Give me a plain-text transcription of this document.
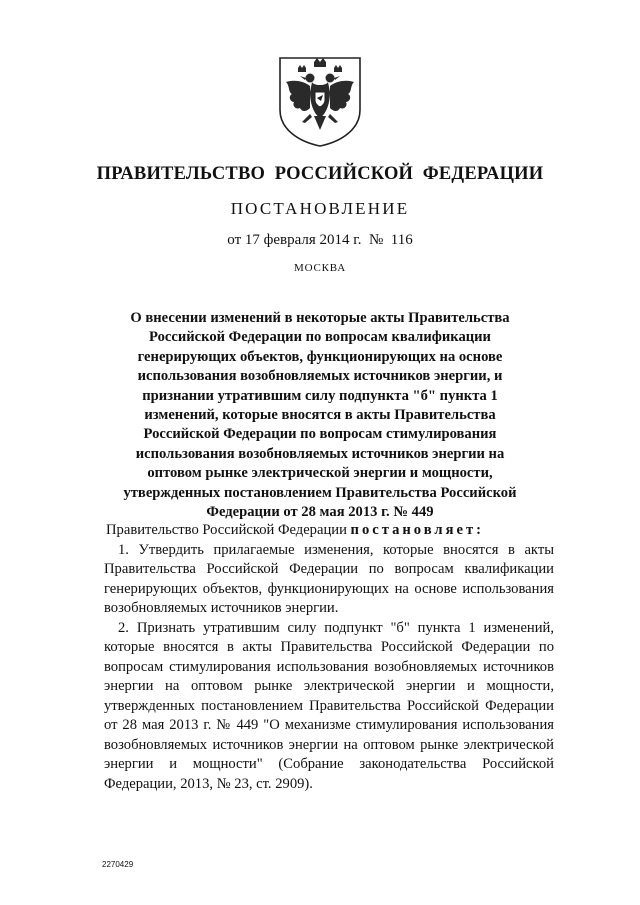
ПРАВИТЕЛЬСТВО  РОССИЙСКОЙ  ФЕДЕРАЦИИ
ПОСТАНОВЛЕНИЕ
от 17 февраля 2014 г. № 116
МОСКВА
О внесении изменений в некоторые акты Правительства Российской Федерации по вопросам квалификации генерирующих объектов, функционирующих на основе использования возобновляемых источников энергии, и признании утратившим силу подпункта "б" пункта 1 изменений, которые вносятся в акты Правительства Российской Федерации по вопросам стимулирования использования возобновляемых источников энергии на оптовом рынке электрической энергии и мощности, утвержденных постановлением Правительства Российской Федерации от 28 мая 2013 г. № 449

Правительство Российской Федерации постановляет:

1. Утвердить прилагаемые изменения, которые вносятся в акты Правительства Российской Федерации по вопросам квалификации генерирующих объектов, функционирующих на основе использования возобновляемых источников энергии.

2. Признать утратившим силу подпункт "б" пункта 1 изменений, которые вносятся в акты Правительства Российской Федерации по вопросам стимулирования использования возобновляемых источников энергии на оптовом рынке электрической энергии и мощности, утвержденных постановлением Правительства Российской Федерации от 28 мая 2013 г. № 449 "О механизме стимулирования использования возобновляемых источников энергии на оптовом рынке электрической энергии и мощности" (Собрание законодательства Российской Федерации, 2013, № 23, ст. 2909).

2270429
